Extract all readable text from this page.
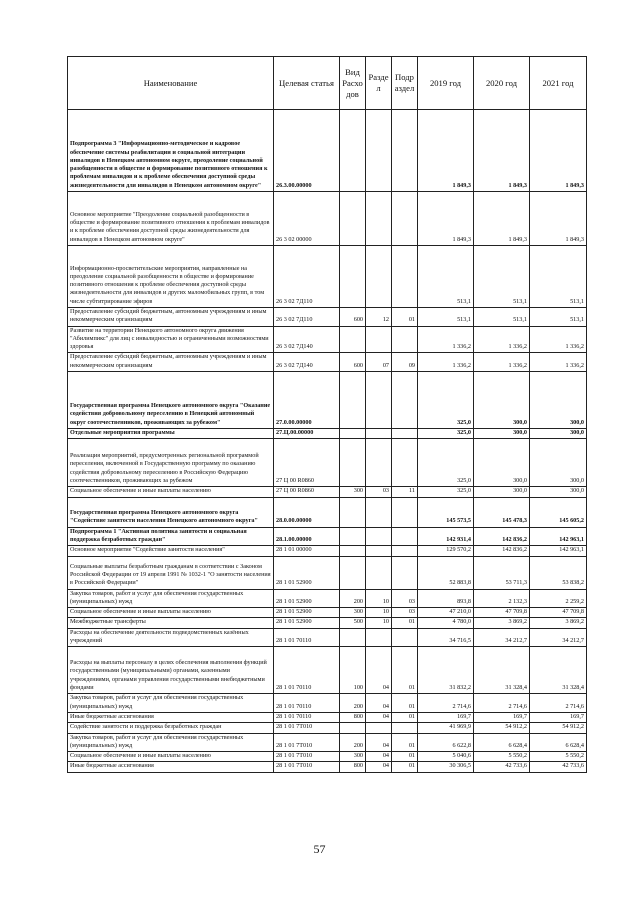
Наименование	Целевая статья	Вид Расхо дов	Разде л	Подр аздел	2019 год	2020 год	2021 год
Подпрограмма 3 "Информационно-методическое и кадровое обеспечение системы реабилитации и социальной интеграции инвалидов в Ненецком автономном округе, преодоление социальной разобщенности в обществе и формирование позитивного отношения к проблемам инвалидов и к проблеме обеспечения доступной среды жизнедеятельности для инвалидов в Ненецком автономном округе"	26.3.00.00000				1 849,3	1 849,3	1 849,3
Основное мероприятие "Преодоление социальной разобщенности в обществе и формирование позитивного отношения к проблемам инвалидов и к проблеме обеспечения доступной среды жизнедеятельности для инвалидов в Ненецком автономном округе"	26 3 02 00000				1 849,3	1 849,3	1 849,3
Информационно-просветительские мероприятия, направленные на преодоление социальной разобщенности в обществе и формирование позитивного отношения к проблеме обеспечения доступной среды жизнедеятельности для инвалидов и других маломобильных групп, в том числе субтитрирование эфиров	26 3 02 7Д110				513,1	513,1	513,1
Предоставление субсидий бюджетным, автономным учреждениям и иным некоммерческим организациям	26 3 02 7Д110	600	12	01	513,1	513,1	513,1
Развитие на территории Ненецкого автономного округа движения "Абилимпикс" для лиц с инвалидностью и ограниченными возможностями здоровья	26 3 02 7Д140				1 336,2	1 336,2	1 336,2
Предоставление субсидий бюджетным, автономным учреждениям и иным некоммерческим организациям	26 3 02 7Д140	600	07	09	1 336,2	1 336,2	1 336,2
Государственная программа Ненецкого автономного округа "Оказание содействия добровольному переселению в Ненецкий автономный округ соотечественников, проживающих за рубежом"	27.0.00.00000				325,0	300,0	300,0
Отдельные мероприятия программы	27.Ц.00.00000				325,0	300,0	300,0
Реализация мероприятий, предусмотренных региональной программой переселения, включенной в Государственную программу по оказанию содействия добровольному переселению в Российскую Федерацию соотечественников, проживающих за рубежом	27 Ц 00 R0860				325,0	300,0	300,0
Социальное обеспечение и иные выплаты населению	27 Ц 00 R0860	300	03	11	325,0	300,0	300,0
Государственная программа Ненецкого автономного округа "Содействие занятости населения Ненецкого автономного округа"	28.0.00.00000				145 573,5	145 478,3	145 605,2
Подпрограмма 1 "Активная политика занятости и социальная поддержка безработных граждан"	28.1.00.00000				142 931,4	142 836,2	142 963,1
Основное мероприятие "Содействие занятости населения"	28 1 01 00000				129 570,2	142 836,2	142 963,1
Социальные выплаты безработным гражданам в соответствии с Законом Российской Федерации от 19 апреля 1991 № 1032-1 "О занятости населения в Российской Федерации"	28 1 01 52900				52 883,8	53 711,3	53 838,2
Закупка товаров, работ и услуг для обеспечения государственных (муниципальных) нужд	28 1 01 52900	200	10	03	893,8	2 132,3	2 259,2
Социальное обеспечение и иные выплаты населению	28 1 01 52900	300	10	03	47 210,0	47 709,8	47 709,8
Межбюджетные трансферты	28 1 01 52900	500	10	01	4 780,0	3 869,2	3 869,2
Расходы на обеспечение деятельности подведомственных казённых учреждений	28 1 01 70110				34 716,5	34 212,7	34 212,7
Расходы на выплаты персоналу в целях обеспечения выполнения функций государственными (муниципальными) органами, казенными учреждениями, органами управления государственными внебюджетными фондами	28 1 01 70110	100	04	01	31 832,2	31 328,4	31 328,4
Закупка товаров, работ и услуг для обеспечения государственных (муниципальных) нужд	28 1 01 70110	200	04	01	2 714,6	2 714,6	2 714,6
Иные бюджетные ассигнования	28 1 01 70110	800	04	01	169,7	169,7	169,7
Содействие занятости и поддержка безработных граждан	28 1 01 7Т010				41 969,9	54 912,2	54 912,2
Закупка товаров, работ и услуг для обеспечения государственных (муниципальных) нужд	28 1 01 7Т010	200	04	01	6 622,8	6 628,4	6 628,4
Социальное обеспечение и иные выплаты населению	28 1 01 7Т010	300	04	01	5 040,6	5 550,2	5 550,2
Иные бюджетные ассигнования	28 1 01 7Т010	800	04	01	30 306,5	42 733,6	42 733,6
57
